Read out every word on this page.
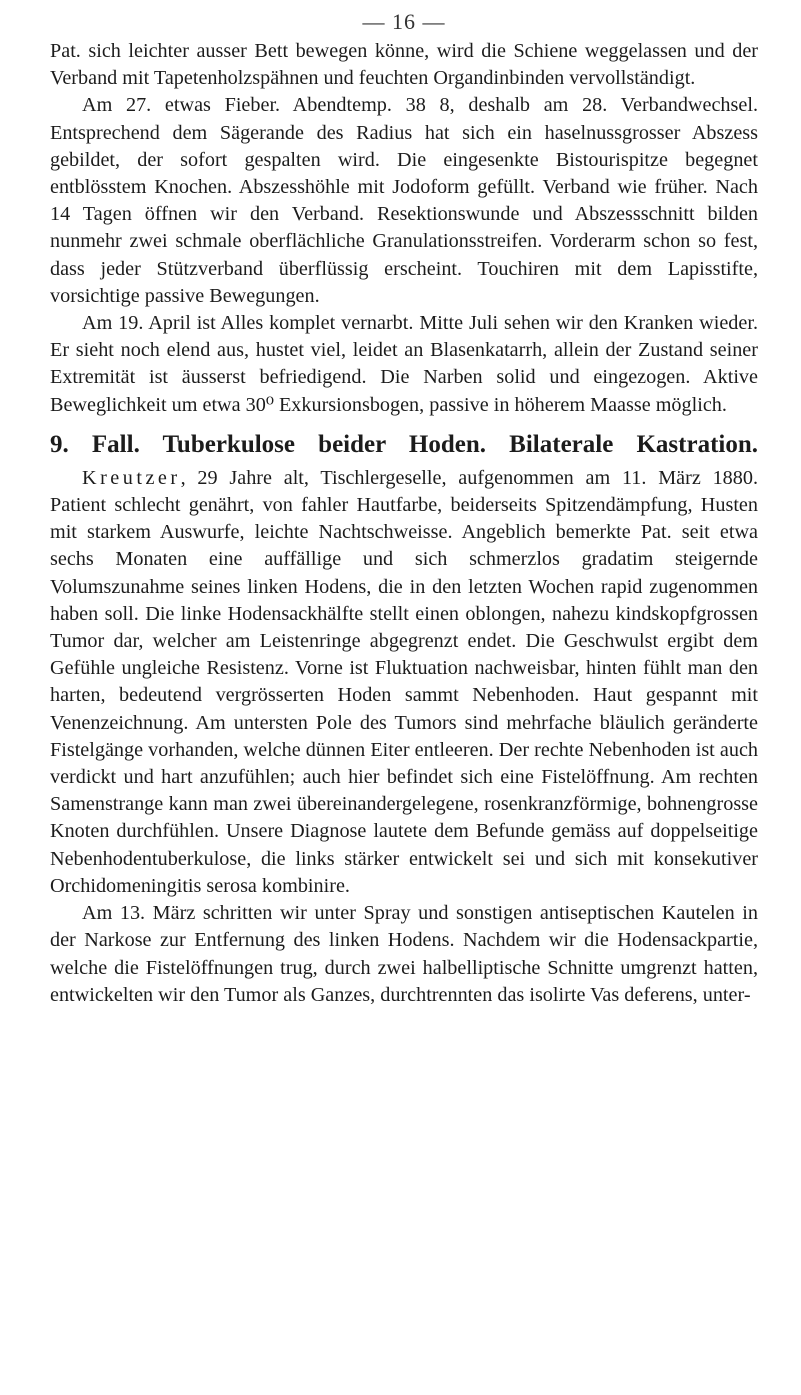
— 16 —

Pat. sich leichter ausser Bett bewegen könne, wird die Schiene weggelassen und der Verband mit Tapetenholzspähnen und feuchten Organdinbinden vervollständigt.

Am 27. etwas Fieber. Abendtemp. 38 8, deshalb am 28. Verbandwechsel. Entsprechend dem Sägerande des Radius hat sich ein haselnussgrosser Abszess gebildet, der sofort gespalten wird. Die eingesenkte Bistourispitze begegnet entblösstem Knochen. Abszesshöhle mit Jodoform gefüllt. Verband wie früher. Nach 14 Tagen öffnen wir den Verband. Resektionswunde und Abszessschnitt bilden nunmehr zwei schmale oberflächliche Granulationsstreifen. Vorderarm schon so fest, dass jeder Stützverband überflüssig erscheint. Touchiren mit dem Lapisstifte, vorsichtige passive Bewegungen.

Am 19. April ist Alles komplet vernarbt. Mitte Juli sehen wir den Kranken wieder. Er sieht noch elend aus, hustet viel, leidet an Blasenkatarrh, allein der Zustand seiner Extremität ist äusserst befriedigend. Die Narben solid und eingezogen. Aktive Beweglichkeit um etwa 30⁰ Exkursionsbogen, passive in höherem Maasse möglich.

9. Fall. Tuberkulose beider Hoden. Bilaterale Kastration.

Kreutzer, 29 Jahre alt, Tischlergeselle, aufgenommen am 11. März 1880. Patient schlecht genährt, von fahler Hautfarbe, beiderseits Spitzendämpfung, Husten mit starkem Auswurfe, leichte Nachtschweisse. Angeblich bemerkte Pat. seit etwa sechs Monaten eine auffällige und sich schmerzlos gradatim steigernde Volumszunahme seines linken Hodens, die in den letzten Wochen rapid zugenommen haben soll. Die linke Hodensackhälfte stellt einen oblongen, nahezu kindskopfgrossen Tumor dar, welcher am Leistenringe abgegrenzt endet. Die Geschwulst ergibt dem Gefühle ungleiche Resistenz. Vorne ist Fluktuation nachweisbar, hinten fühlt man den harten, bedeutend vergrösserten Hoden sammt Nebenhoden. Haut gespannt mit Venenzeichnung. Am untersten Pole des Tumors sind mehrfache bläulich geränderte Fistelgänge vorhanden, welche dünnen Eiter entleeren. Der rechte Nebenhoden ist auch verdickt und hart anzufühlen; auch hier befindet sich eine Fistelöffnung. Am rechten Samenstrange kann man zwei übereinandergelegene, rosenkranzförmige, bohnengrosse Knoten durchfühlen. Unsere Diagnose lautete dem Befunde gemäss auf doppelseitige Nebenhodentuberkulose, die links stärker entwickelt sei und sich mit konsekutiver Orchidomeningitis serosa kombinire.

Am 13. März schritten wir unter Spray und sonstigen antiseptischen Kautelen in der Narkose zur Entfernung des linken Hodens. Nachdem wir die Hodensackpartie, welche die Fistelöffnungen trug, durch zwei halbelliptische Schnitte umgrenzt hatten, entwickelten wir den Tumor als Ganzes, durchtrennten das isolirte Vas deferens, unter-
